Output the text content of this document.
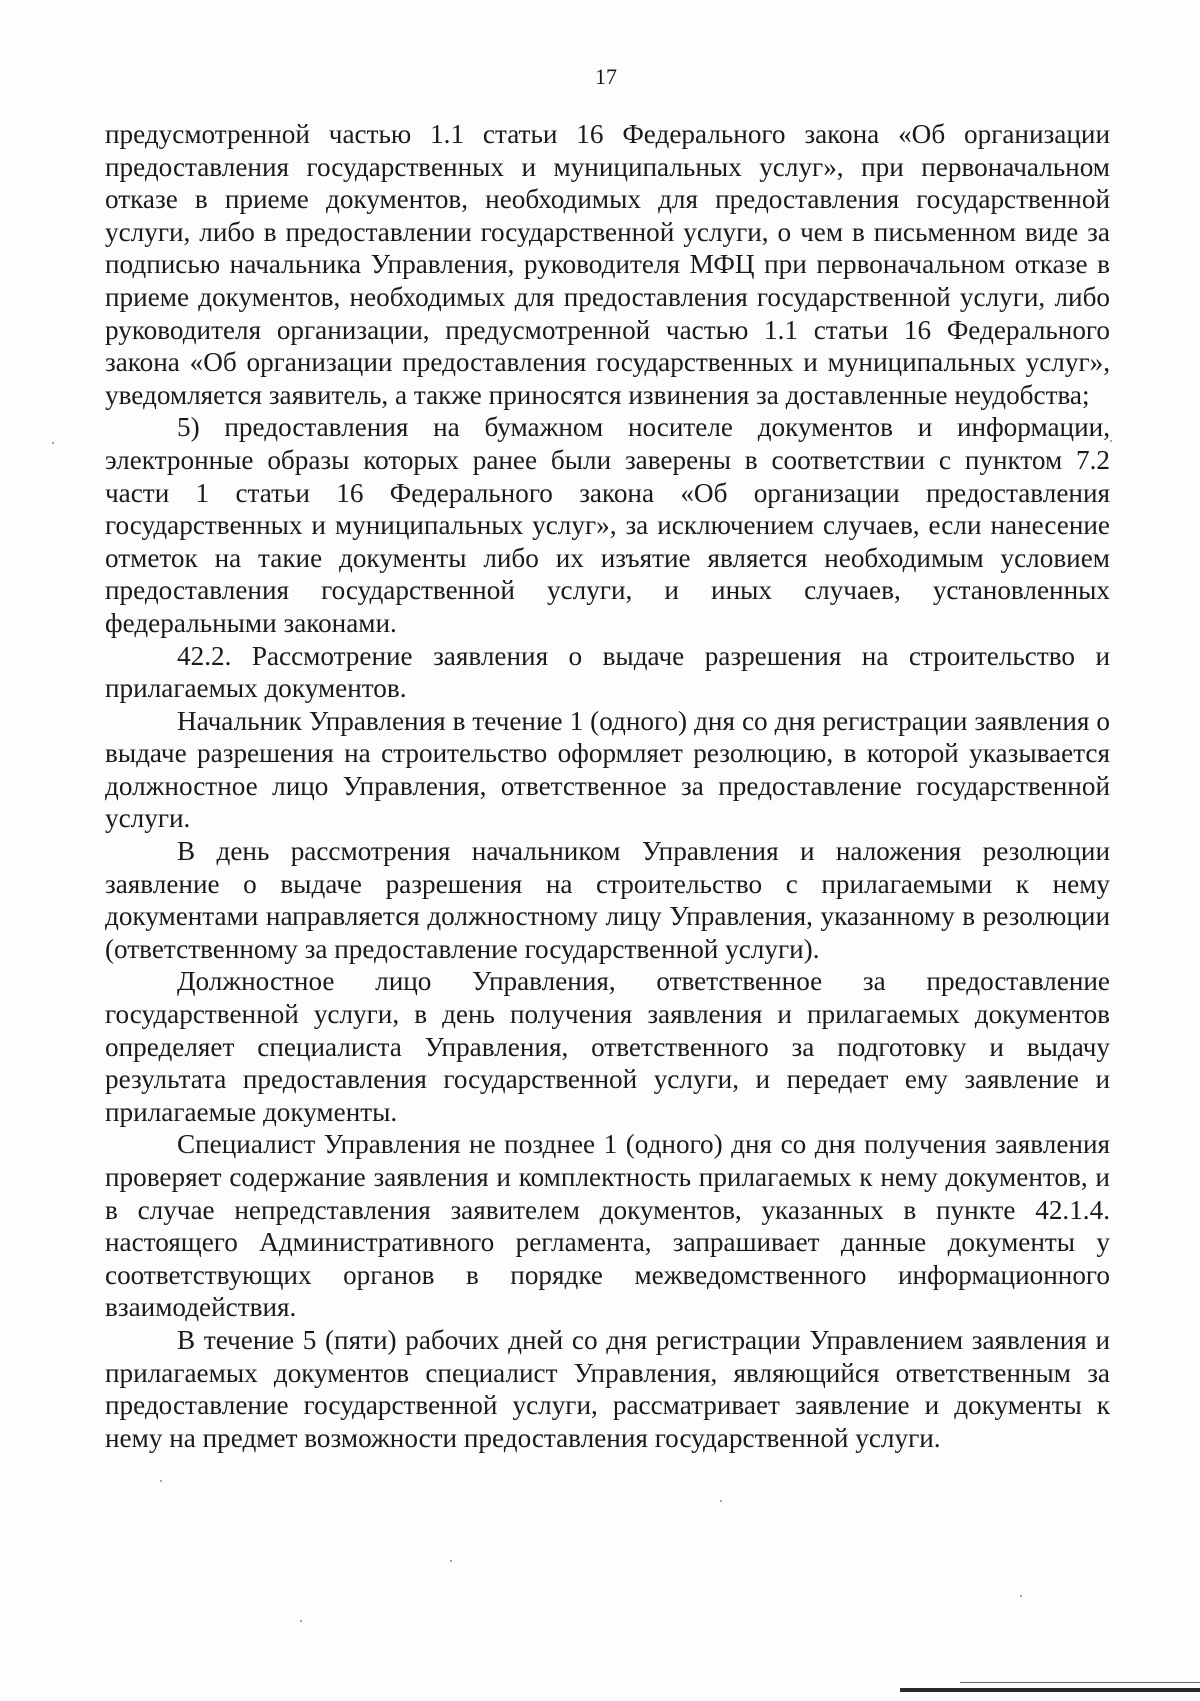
17

предусмотренной частью 1.1 статьи 16 Федерального закона «Об организации предоставления государственных и муниципальных услуг», при первоначальном отказе в приеме документов, необходимых для предоставления государственной услуги, либо в предоставлении государственной услуги, о чем в письменном виде за подписью начальника Управления, руководителя МФЦ при первоначальном отказе в приеме документов, необходимых для предоставления государственной услуги, либо руководителя организации, предусмотренной частью 1.1 статьи 16 Федерального закона «Об организации предоставления государственных и муниципальных услуг», уведомляется заявитель, а также приносятся извинения за доставленные неудобства;

5) предоставления на бумажном носителе документов и информации, электронные образы которых ранее были заверены в соответствии с пунктом 7.2 части 1 статьи 16 Федерального закона «Об организации предоставления государственных и муниципальных услуг», за исключением случаев, если нанесение отметок на такие документы либо их изъятие является необходимым условием предоставления государственной услуги, и иных случаев, установленных федеральными законами.

42.2. Рассмотрение заявления о выдаче разрешения на строительство и прилагаемых документов.

Начальник Управления в течение 1 (одного) дня со дня регистрации заявления о выдаче разрешения на строительство оформляет резолюцию, в которой указывается должностное лицо Управления, ответственное за предоставление государственной услуги.

В день рассмотрения начальником Управления и наложения резолюции заявление о выдаче разрешения на строительство с прилагаемыми к нему документами направляется должностному лицу Управления, указанному в резолюции (ответственному за предоставление государственной услуги).

Должностное лицо Управления, ответственное за предоставление государственной услуги, в день получения заявления и прилагаемых документов определяет специалиста Управления, ответственного за подготовку и выдачу результата предоставления государственной услуги, и передает ему заявление и прилагаемые документы.

Специалист Управления не позднее 1 (одного) дня со дня получения заявления проверяет содержание заявления и комплектность прилагаемых к нему документов, и в случае непредставления заявителем документов, указанных в пункте 42.1.4. настоящего Административного регламента, запрашивает данные документы у соответствующих органов в порядке межведомственного информационного взаимодействия.

В течение 5 (пяти) рабочих дней со дня регистрации Управлением заявления и прилагаемых документов специалист Управления, являющийся ответственным за предоставление государственной услуги, рассматривает заявление и документы к нему на предмет возможности предоставления государственной услуги.
